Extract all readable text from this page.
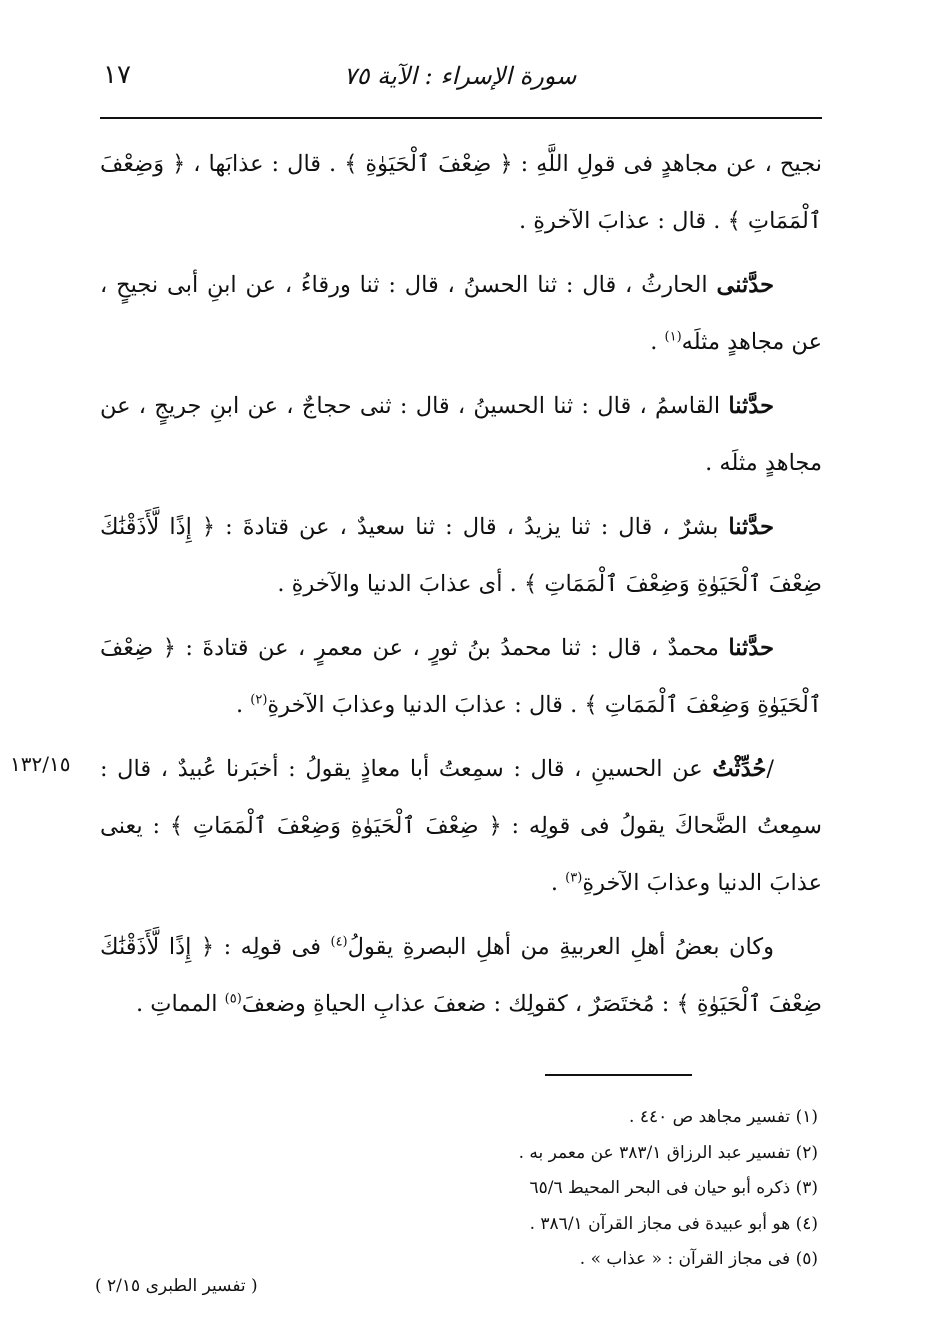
١٧	سورة الإسراء : الآية ٧٥
١٣٢/١٥

نجيح ، عن مجاهدٍ فى قولِ اللَّهِ : ﴿ ضِعْفَ ٱلْحَيَوٰةِ ﴾ . قال : عذابَها ، ﴿ وَضِعْفَ ٱلْمَمَاتِ ﴾ . قال : عذابَ الآخرةِ .

حدَّثنى الحارثُ ، قال : ثنا الحسنُ ، قال : ثنا ورقاءُ ، عن ابنِ أبى نجيحٍ ، عن مجاهدٍ مثلَه$^{(١)}$ .

حدَّثنا القاسمُ ، قال : ثنا الحسينُ ، قال : ثنى حجاجٌ ، عن ابنِ جريجٍ ، عن مجاهدٍ مثلَه .

حدَّثنا بشرٌ ، قال : ثنا يزيدُ ، قال : ثنا سعيدٌ ، عن قتادةَ : ﴿ إِذًا لَّأَذَقْنَٰكَ ضِعْفَ ٱلْحَيَوٰةِ وَضِعْفَ ٱلْمَمَاتِ ﴾ . أى عذابَ الدنيا والآخرةِ .

حدَّثنا محمدٌ ، قال : ثنا محمدُ بنُ ثورٍ ، عن معمرٍ ، عن قتادةَ : ﴿ ضِعْفَ ٱلْحَيَوٰةِ وَضِعْفَ ٱلْمَمَاتِ ﴾ . قال : عذابَ الدنيا وعذابَ الآخرةِ$^{(٢)}$ .

/حُدِّثْتُ عن الحسينِ ، قال : سمِعتُ أبا معاذٍ يقولُ : أخبَرنا عُبيدٌ ، قال : سمِعتُ الضَّحاكَ يقولُ فى قولِه : ﴿ ضِعْفَ ٱلْحَيَوٰةِ وَضِعْفَ ٱلْمَمَاتِ ﴾ : يعنى عذابَ الدنيا وعذابَ الآخرةِ$^{(٣)}$ .

وكان بعضُ أهلِ العربيةِ من أهلِ البصرةِ يقولُ$^{(٤)}$ فى قولِه : ﴿ إِذًا لَّأَذَقْنَٰكَ ضِعْفَ ٱلْحَيَوٰةِ ﴾ : مُختَصَرٌ ، كقولِك : ضعفَ عذابِ الحياةِ وضعفَ$^{(٥)}$ المماتِ .

(١) تفسير مجاهد ص ٤٤٠ .

(٢) تفسير عبد الرزاق ٣٨٣/١ عن معمر به .

(٣) ذكره أبو حيان فى البحر المحيط ٦٥/٦

(٤) هو أبو عبيدة فى مجاز القرآن ٣٨٦/١ .

(٥) فى مجاز القرآن : « عذاب » .

( تفسير الطبرى ٢/١٥ )
